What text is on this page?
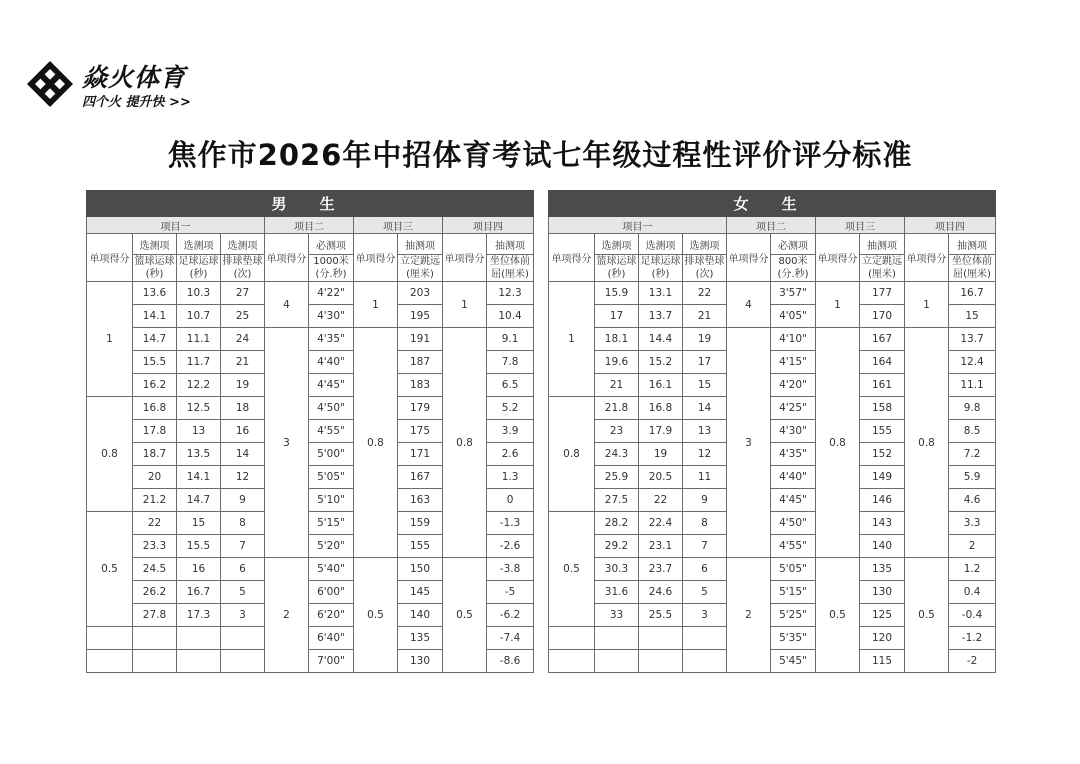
焱火体育
四个火 提升快 >>
焦作市2026年中招体育考试七年级过程性评价评分标准
男 生									
项目一				项目二		项目三		项目四	
单项得分	选测项	选测项	选测项	单项得分	必测项	单项得分	抽测项	单项得分	抽测项
	篮球运球(秒)	足球运球(秒)	排球垫球(次)		1000米(分.秒)		立定跳远(厘米)		坐位体前屈(厘米)
1	13.6	10.3	27	4	4'22"	1	203	1	12.3
	14.1	10.7	25		4'30"		195		10.4
	14.7	11.1	24	3	4'35"	0.8	191	0.8	9.1
	15.5	11.7	21		4'40"		187		7.8
	16.2	12.2	19		4'45"		183		6.5
0.8	16.8	12.5	18		4'50"		179		5.2
	17.8	13	16		4'55"		175		3.9
	18.7	13.5	14		5'00"		171		2.6
	20	14.1	12		5'05"		167		1.3
	21.2	14.7	9		5'10"		163		0
0.5	22	15	8		5'15"		159		-1.3
	23.3	15.5	7		5'20"		155		-2.6
	24.5	16	6	2	5'40"	0.5	150	0.5	-3.8
	26.2	16.7	5		6'00"		145		-5
	27.8	17.3	3		6'20"		140		-6.2
					6'40"		135		-7.4
					7'00"		130		-8.6
女 生									
项目一				项目二		项目三		项目四	
单项得分	选测项	选测项	选测项	单项得分	必测项	单项得分	抽测项	单项得分	抽测项
	篮球运球(秒)	足球运球(秒)	排球垫球(次)		800米(分.秒)		立定跳远(厘米)		坐位体前屈(厘米)
1	15.9	13.1	22	4	3'57"	1	177	1	16.7
	17	13.7	21		4'05"		170		15
	18.1	14.4	19	3	4'10"	0.8	167	0.8	13.7
	19.6	15.2	17		4'15"		164		12.4
	21	16.1	15		4'20"		161		11.1
0.8	21.8	16.8	14		4'25"		158		9.8
	23	17.9	13		4'30"		155		8.5
	24.3	19	12		4'35"		152		7.2
	25.9	20.5	11		4'40"		149		5.9
	27.5	22	9		4'45"		146		4.6
0.5	28.2	22.4	8		4'50"		143		3.3
	29.2	23.1	7		4'55"		140		2
	30.3	23.7	6	2	5'05"	0.5	135	0.5	1.2
	31.6	24.6	5		5'15"		130		0.4
	33	25.5	3		5'25"		125		-0.4
					5'35"		120		-1.2
					5'45"		115		-2
